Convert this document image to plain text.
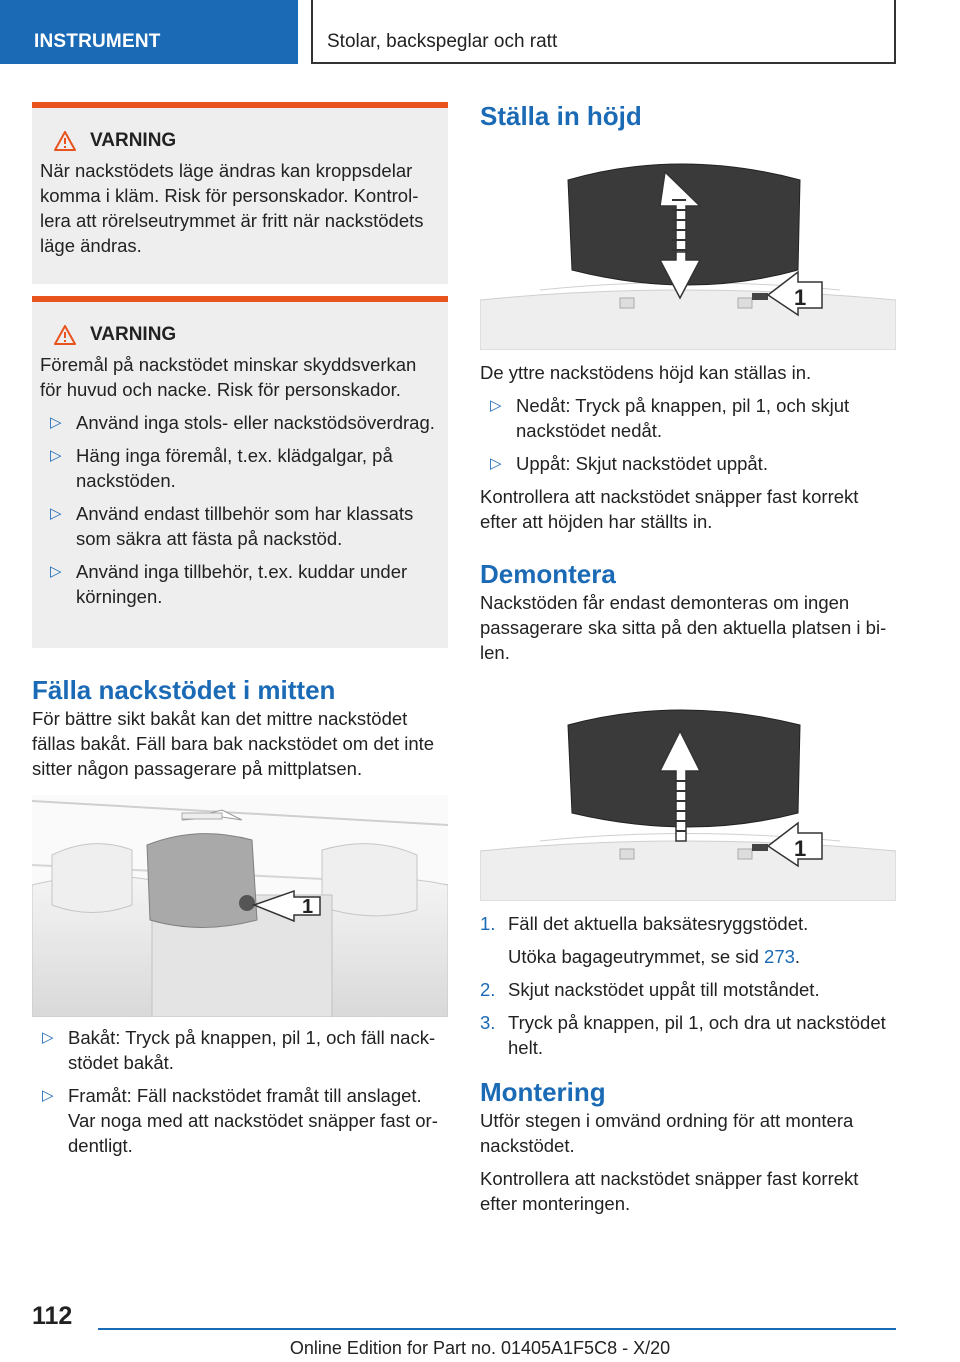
INSTRUMENT	Stolar, backspeglar och ratt
VARNING

När nackstödets läge ändras kan kroppsdelar komma i kläm. Risk för personskador. Kontrollera att rörelseutrymmet är fritt när nackstödets läge ändras.

VARNING

Föremål på nackstödet minskar skyddsverkan för huvud och nacke. Risk för personskador.

▷ Använd inga stols- eller nackstödsöverdrag.
▷ Häng inga föremål, t.ex. klädgalgar, på nackstöden.
▷ Använd endast tillbehör som har klassats som säkra att fästa på nackstöd.
▷ Använd inga tillbehör, t.ex. kuddar under körningen.
Fälla nackstödet i mitten

För bättre sikt bakåt kan det mittre nackstödet fällas bakåt. Fäll bara bak nackstödet om det inte sitter någon passagerare på mittplatsen.

1
▷ Bakåt: Tryck på knappen, pil 1, och fäll nackstödet bakåt.
▷ Framåt: Fäll nackstödet framåt till anslaget. Var noga med att nackstödet snäpper fast ordentligt.
Ställa in höjd
1

De yttre nackstödens höjd kan ställas in.

▷ Nedåt: Tryck på knappen, pil 1, och skjut nackstödet nedåt.
▷ Uppåt: Skjut nackstödet uppåt.

Kontrollera att nackstödet snäpper fast korrekt efter att höjden har ställts in.

Demontera

Nackstöden får endast demonteras om ingen passagerare ska sitta på den aktuella platsen i bilen.

1
1. Fäll det aktuella baksätesryggstödet.
Utöka bagageutrymmet, se sid 273.
2. Skjut nackstödet uppåt till motståndet.
3. Tryck på knappen, pil 1, och dra ut nackstödet helt.
Montering

Utför stegen i omvänd ordning för att montera nackstödet.

Kontrollera att nackstödet snäpper fast korrekt efter monteringen.

112
Online Edition for Part no. 01405A1F5C8 - X/20
